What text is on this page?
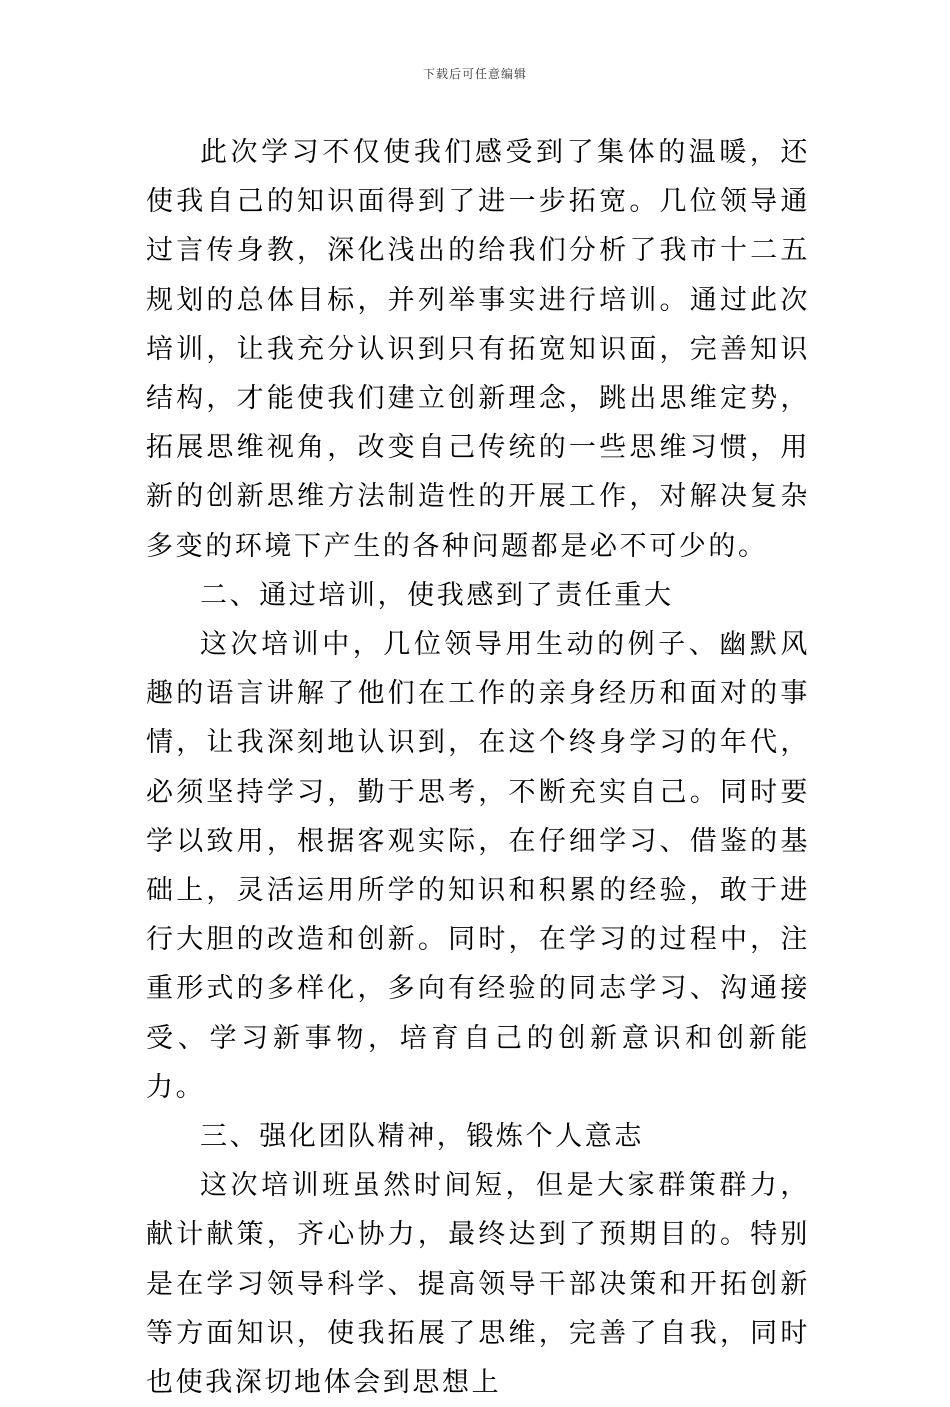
下载后可任意编辑

此次学习不仅使我们感受到了集体的温暖，还使我自己的知识面得到了进一步拓宽。几位领导通过言传身教，深化浅出的给我们分析了我市十二五规划的总体目标，并列举事实进行培训。通过此次培训，让我充分认识到只有拓宽知识面，完善知识结构，才能使我们建立创新理念，跳出思维定势，拓展思维视角，改变自己传统的一些思维习惯，用新的创新思维方法制造性的开展工作，对解决复杂多变的环境下产生的各种问题都是必不可少的。

二、通过培训，使我感到了责任重大

这次培训中，几位领导用生动的例子、幽默风趣的语言讲解了他们在工作的亲身经历和面对的事情，让我深刻地认识到，在这个终身学习的年代，必须坚持学习，勤于思考，不断充实自己。同时要学以致用，根据客观实际，在仔细学习、借鉴的基础上，灵活运用所学的知识和积累的经验，敢于进行大胆的改造和创新。同时，在学习的过程中，注重形式的多样化，多向有经验的同志学习、沟通接受、学习新事物，培育自己的创新意识和创新能力。

三、强化团队精神，锻炼个人意志

这次培训班虽然时间短，但是大家群策群力，献计献策，齐心协力，最终达到了预期目的。特别是在学习领导科学、提高领导干部决策和开拓创新等方面知识，使我拓展了思维，完善了自我，同时也使我深切地体会到思想上
